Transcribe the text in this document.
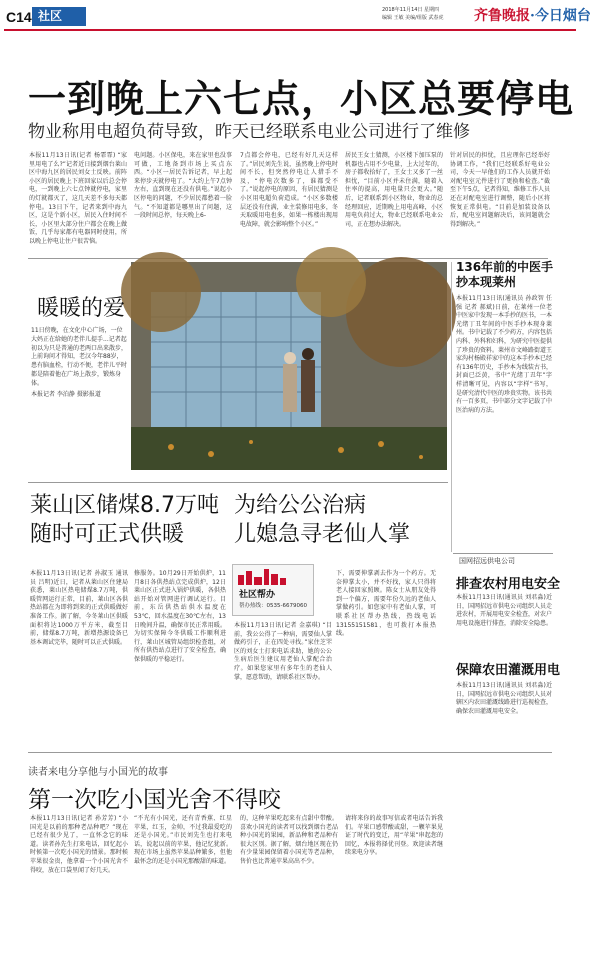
C14 社区	2018年11月14日 星期四
编辑 王敏 美编/组版 武春虎	齐鲁晚报·今日烟台
一到晚上六七点，小区总要停电
物业称用电超负荷导致，昨天已经联系电业公司进行了维修
本报11月13日讯(记者 杨霏霏) “家里用电了么?”记者近日接到烟台莱山区中海九区的居民刘女士反映。前阵小区的居民晚上下班回家以后总会停电，一到晚上六七点钟就停电，家里的灯就都灭了，这几天差不多每天都停电。13日下午，记者来到中海九区，这是个新小区，居民入住时间不长，小区里大部分住户都会在晚上做饭，几乎每家都有电器同时使用，所以晚上停电让住户很苦恼。
电问题。小区保电，来在家里也没事可做，工地备到市场上买点东西。“小区一居民告诉记者，早上起来停步天就停电了。“大约上午7点钟左右，直到现在还没有供电。”说起小区停电的问题，不少居民都愁着一脸气。“不知道都是哪里出了问题，这一段时间总停，每天晚上6-
7点都会停电，已经有好几天这样了。”居民刘先生说，虽然晚上停电时间不长，但突然停电让人措手不及，“停电次数多了，谁都受不了。”说起停电的原因，有居民猜测是小区用电超负荷造成。“小区多数楼层还没有住满，业主装修用电多，冬天取暖用电也多，如果一栋楼出现用电故障，就会影响整个小区。”
居民王女士猜测，小区楼下加压泵的机器也占用不少电量，上大过年的，房子都收拾好了，王女士又多了一丝担忧，“目前小区并未住满，随着入住率的提高，用电量只会更大。”随后，记者联系到小区物业，物业的总经理回应，近期晚上用电高峰，小区用电负荷过大，物业已经联系电业公司，正在想办法解决。
针对居民的担忧，且应理你已经举好协调工作，“我们已经联系好电业公司，今天一早他们的工作人员就开始对配电室元件进行了更换和检查。”截至下午5点，记者得知，维修工作人员还在对配电室进行调整，随后小区将恢复正常供电。“目前是加装设备以后，配电室问题解决后，该问题就会得到解决。”
暖暖的爱
11日傍晚，在文化中心广场，一位大妈正在给她的老伴儿提手...记者起初以为只是普通的老两口出来散步，上前询问才得知，老汉今年88岁，患有脑血栓，行动不便，老伴儿平时都是陪着他在广场上散步，锻炼身体。
本报记者 李泊静 摄影报道
136年前的中医手抄本现莱州
本报11月13日讯(通讯员 孙政智 任强 记者 郝斌)日前，在莱州一位老中医家中发现一本手抄的医书，一本光绪丁丑年间的中医手抄本现身莱州。书中记载了不少药方，内容包括内科、外科和妇科，为研究中医提供了珍贵的资料。莱州市文峰路街道王家沟村杨殿祥家中的这本手抄本已经有136年历史，手抄本为线装古书，封面已泛黄，书中“光绪丁丑年”字样清晰可见，内容以“字样”书写，是研究清代中医的珍贵实物。该书共有一百多页，书中部分文字记载了中医治病的方法。
莱山区储煤8.7万吨
随时可正式供暖
本报11月13日讯(记者 孙淑玉 通讯员 吕明)近日，记者从莱山区住建局获悉，莱山区热电储煤8.7万吨，供暖管网运行正常，目前，莱山区各供热站都在为即将到来的正式供暖做好准备工作。据了解，今冬莱山区供暖面积将达1000万平方米，截至目前，储煤8.7万吨，新增热源设备已基本调试完毕，随时可以正式供暖。
修服务。10月29日开始供炉，11月8日各供热站点完成供炉，12日莱山区正式进入锅炉供暖，各供热站开始对管网进行调试运行。目前，东岳供热站供水温度在53℃，回水温度在30℃左右，13日晚间升温，确保市民正常用暖。为切实保障今冬供暖工作顺利进行，莱山区城管局组织检查组，对所有供热站点进行了安全检查，确保供暖的平稳运行。
为给公公治病
儿媳急寻老仙人掌
社区帮办
帮办热线：0535-6679060
本报11月13日讯(记者 金嘉琪) “目前，我公公得了一种病，需要仙人掌做药引子，正在四处寻找。”家住芝罘区的刘女士打来电话求助，她的公公生病后医生建议用老仙人掌配合治疗。如果您家里有多年生的老仙人掌，愿意帮助，请联系社区帮办。
下，需要伸掌剥去作为一个药方。无奈伸掌太小，并不好找，家人只得将老人接回家照顾。陈女士从朋友处得到一个偏方，需要年份久远的老仙人掌做药引。如您家中有老仙人掌，可联系社区帮办热线，热线电话13155151581，也可拨打本报热线。
国网招远供电公司
排查农村用电安全
本报11月13日讯(通讯员 刘君淼)近日，国网招远市供电公司组织人员走进农村，开展用电安全检查，对农户用电设施进行排查，消除安全隐患。
保障农田灌溉用电
本报11月13日讯(通讯员 刘君淼)近日，国网招远市供电公司组织人员对辖区内农田灌溉线路进行巡视检查，确保农田灌溉用电安全。
读者来电分享他与小国光的故事
第一次吃小国光舍不得咬
本报11月13日讯(记者 孙芳芳) “小国光是以前的那种老品种吧？”现在已经有很少见了，一直怀念它的味道。读者孙先生打来电话，回忆起小时候第一次吃小国光的情景。那时候苹果很金贵，他拿着一个小国光舍不得咬，放在口袋里闻了好几天。
“不光有小国光，还有青香蕉、红星苹果，红玉，金帅，不过我最爱吃的还是小国光。”市民刘先生也打来电话，说起以前的苹果，他记忆犹新。现在市场上虽然苹果品种繁多，但他最怀念的还是小国光那酸甜的味道。
的，这种苹果吃起来有点甜中带酸。喜欢小国光的读者可以找到烟台老品种小国光的果园，新品种和老品种有很大区别。据了解，烟台地区现在仍有少量果园保留着小国光等老品种，售价也比普通苹果高出不少。
请将来你的故事写信或者电话告诉我们。苹果口感带酸或甜，一颗苹果见证了时代的变迁，用“苹果”串起您的回忆，本报将择优刊登。欢迎读者继续来电分享。
